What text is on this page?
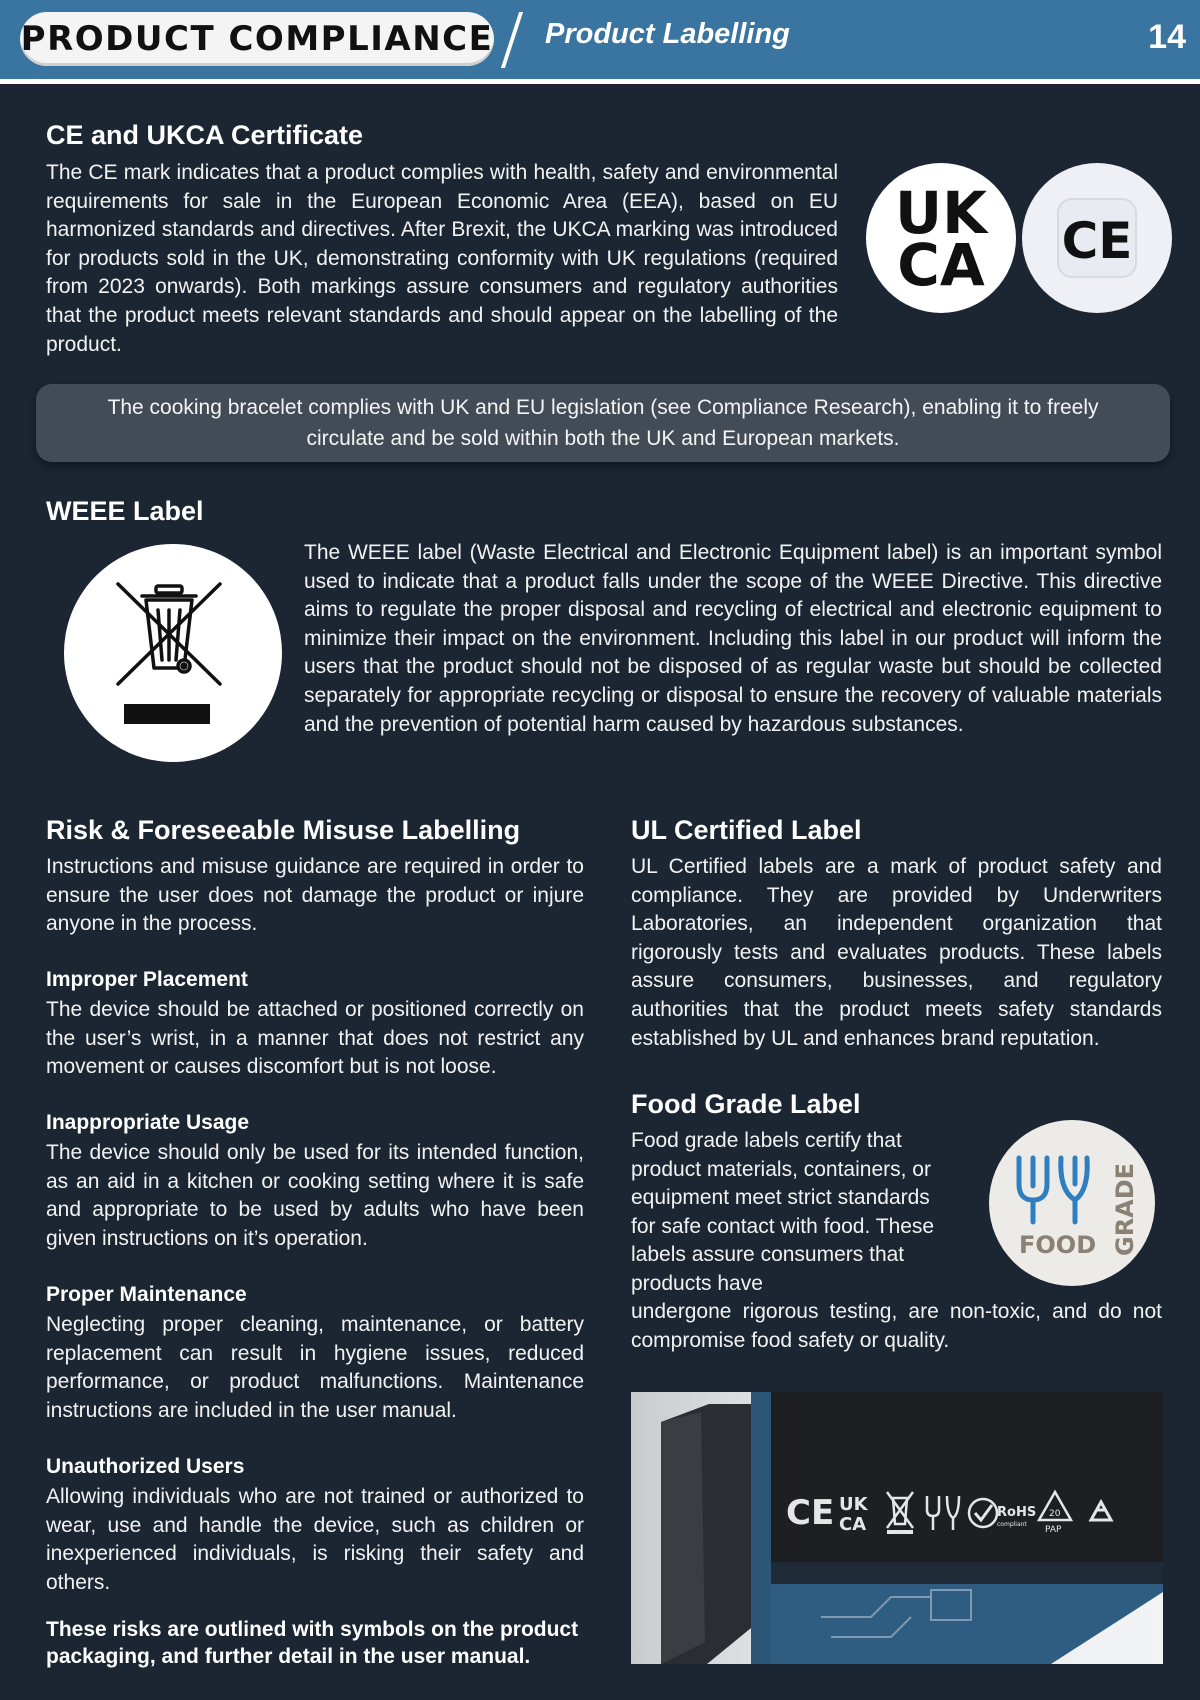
PRODUCT COMPLIANCE Product Labelling	14
CE and UKCA Certificate
The CE mark indicates that a product complies with health, safety and environmental requirements for sale in the European Economic Area (EEA), based on EU harmonized standards and directives. After Brexit, the UKCA marking was introduced for products sold in the UK, demonstrating conformity with UK regulations (required from 2023 onwards). Both markings assure consumers and regulatory authorities that the product meets relevant standards and should appear on the labelling of the product.
UK
CA CE
The cooking bracelet complies with UK and EU legislation (see Compliance Research), enabling it to freely circulate and be sold within both the UK and European markets.
WEEE Label
The WEEE label (Waste Electrical and Electronic Equipment label) is an important symbol used to indicate that a product falls under the scope of the WEEE Directive. This directive aims to regulate the proper disposal and recycling of electrical and electronic equipment to minimize their impact on the environment. Including this label in our product will inform the users that the product should not be disposed of as regular waste but should be collected separately for appropriate recycling or disposal to ensure the recovery of valuable materials and the prevention of potential harm caused by hazardous substances.
Risk & Foreseeable Misuse Labelling
Instructions and misuse guidance are required in order to ensure the user does not damage the product or injure anyone in the process.
Improper Placement
The device should be attached or positioned correctly on the user’s wrist, in a manner that does not restrict any movement or causes discomfort but is not loose.
Inappropriate Usage
The device should only be used for its intended function, as an aid in a kitchen or cooking setting where it is safe and appropriate to be used by adults who have been given instructions on it’s operation.
Proper Maintenance
Neglecting proper cleaning, maintenance, or battery replacement can result in hygiene issues, reduced performance, or product malfunctions. Maintenance instructions are included in the user manual.
Unauthorized Users
Allowing individuals who are not trained or authorized to wear, use and handle the device, such as children or inexperienced individuals, is risking their safety and others.
These risks are outlined with symbols on the product packaging, and further detail in the user manual.
UL Certified Label
UL Certified labels are a mark of product safety and compliance. They are provided by Underwriters Laboratories, an independent organization that rigorously tests and evaluates products. These labels assure consumers, businesses, and regulatory authorities that the product meets safety standards established by UL and enhances brand reputation.
Food Grade Label
Food grade labels certify that product materials, containers, or equipment meet strict standards for safe contact with food. These labels assure consumers that products have
undergone rigorous testing, are non-toxic, and do not compromise food safety or quality.
FOOD GRADE
CE UK
CA
RoHS
compliant
20
PAP
